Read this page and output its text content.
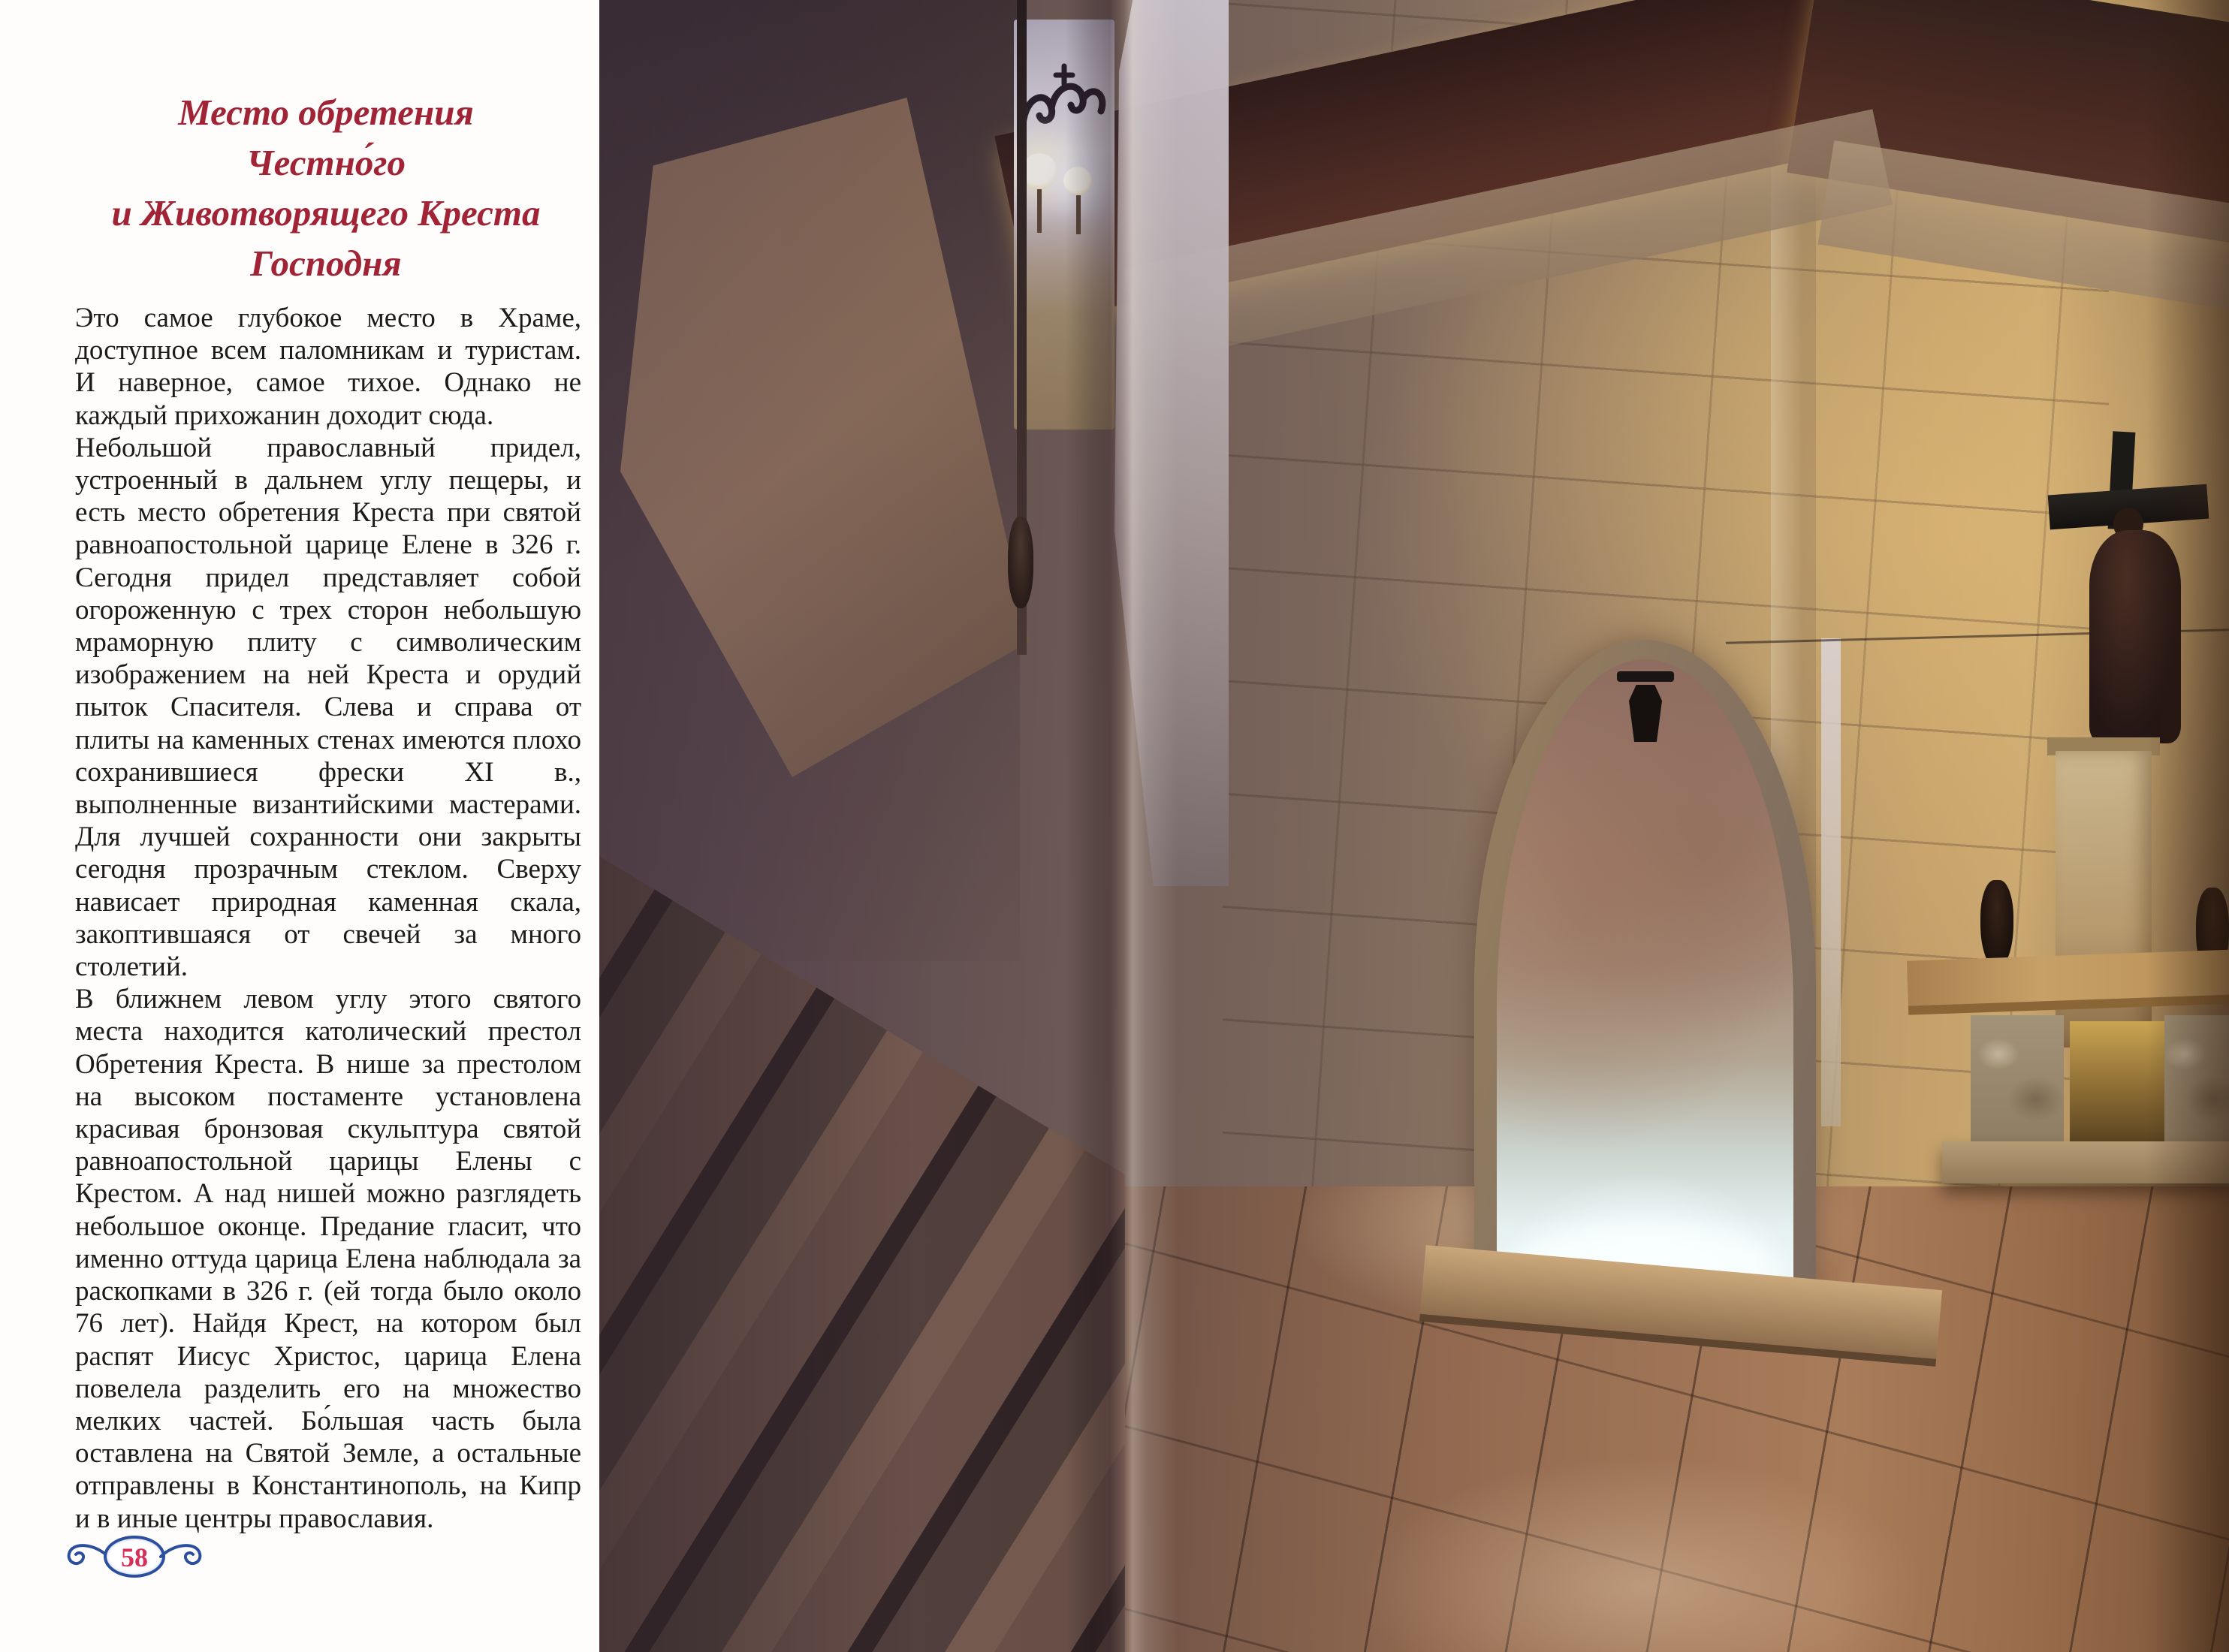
Место обретения
Честно́го
и Животворящего Креста
Господня

Это самое глубокое место в Храме, доступное всем паломникам и туристам. И наверное, самое тихое. Однако не каждый прихожанин доходит сюда.

Небольшой православный придел, устроенный в дальнем углу пещеры, и есть место обретения Креста при святой равноапостольной царице Елене в 326 г. Сегодня придел представляет собой огороженную с трех сторон небольшую мраморную плиту с символическим изображением на ней Креста и орудий пыток Спасителя. Слева и справа от плиты на каменных стенах имеются плохо сохранившиеся фрески XI в., выполненные византийскими мастерами. Для лучшей сохранности они закрыты сегодня прозрачным стеклом. Сверху нависает природная каменная скала, закоптившаяся от свечей за много столетий.

В ближнем левом углу этого святого места находится католический престол Обретения Креста. В нише за престолом на высоком постаменте установлена красивая бронзовая скульптура святой равноапостольной царицы Елены с Крестом. А над нишей можно разглядеть небольшое оконце. Предание гласит, что именно оттуда царица Елена наблюдала за раскопками в 326 г. (ей тогда было около 76 лет). Найдя Крест, на котором был распят Иисус Христос, царица Елена повелела разделить его на множество мелких частей. Бо́льшая часть была оставлена на Святой Земле, а остальные отправлены в Константинополь, на Кипр и в иные центры православия.

58
